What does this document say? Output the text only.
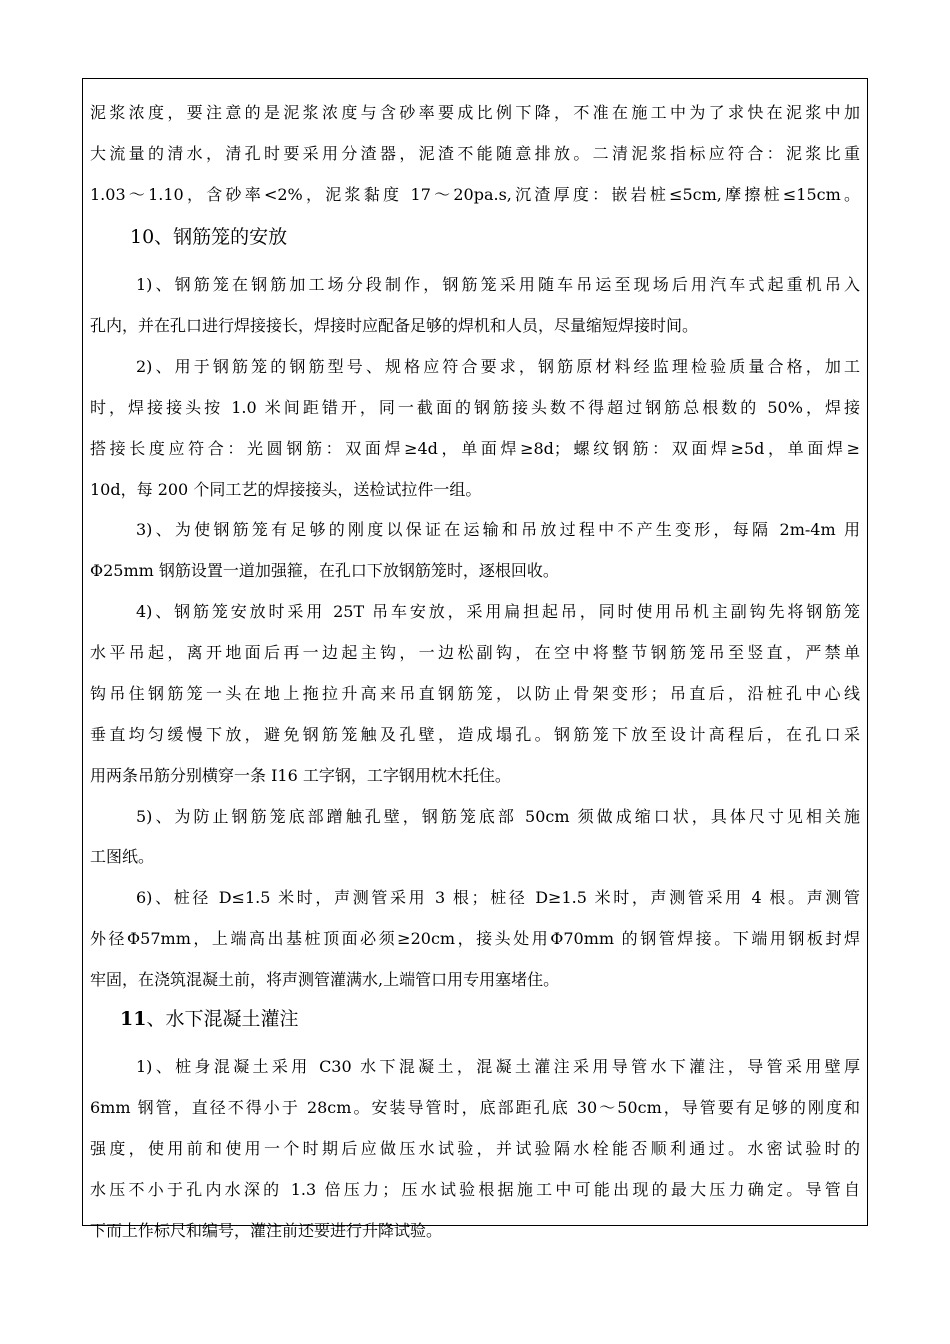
泥浆浓度，要注意的是泥浆浓度与含砂率要成比例下降，不准在施工中为了求快在泥浆中加
大流量的清水，清孔时要采用分渣器，泥渣不能随意排放。二清泥浆指标应符合：泥浆比重
1.03～1.10，含砂率<2%，泥浆黏度 17～20pa.s,沉渣厚度：嵌岩桩≤5cm,摩擦桩≤15cm。
10、钢筋笼的安放
1)、钢筋笼在钢筋加工场分段制作，钢筋笼采用随车吊运至现场后用汽车式起重机吊入
孔内，并在孔口进行焊接接长，焊接时应配备足够的焊机和人员，尽量缩短焊接时间。
2)、用于钢筋笼的钢筋型号、规格应符合要求，钢筋原材料经监理检验质量合格，加工
时，焊接接头按 1.0 米间距错开，同一截面的钢筋接头数不得超过钢筋总根数的 50%，焊接
搭接长度应符合：光圆钢筋：双面焊≥4d，单面焊≥8d；螺纹钢筋：双面焊≥5d，单面焊≥
10d，每 200 个同工艺的焊接接头，送检试拉件一组。
3)、为使钢筋笼有足够的刚度以保证在运输和吊放过程中不产生变形，每隔 2m-4m 用
Φ25mm 钢筋设置一道加强箍，在孔口下放钢筋笼时，逐根回收。
4)、钢筋笼安放时采用 25T 吊车安放，采用扁担起吊，同时使用吊机主副钩先将钢筋笼
水平吊起，离开地面后再一边起主钩，一边松副钩，在空中将整节钢筋笼吊至竖直，严禁单
钩吊住钢筋笼一头在地上拖拉升高来吊直钢筋笼，以防止骨架变形；吊直后，沿桩孔中心线
垂直均匀缓慢下放，避免钢筋笼触及孔壁，造成塌孔。钢筋笼下放至设计高程后，在孔口采
用两条吊筋分别横穿一条 I16 工字钢，工字钢用枕木托住。
5)、为防止钢筋笼底部蹭触孔壁，钢筋笼底部 50cm 须做成缩口状，具体尺寸见相关施
工图纸。
6)、桩径 D≤1.5 米时，声测管采用 3 根；桩径 D≥1.5 米时，声测管采用 4 根。声测管
外径Φ57mm，上端高出基桩顶面必须≥20cm，接头处用Φ70mm 的钢管焊接。下端用钢板封焊
牢固，在浇筑混凝土前，将声测管灌满水,上端管口用专用塞堵住。
11、水下混凝土灌注
1)、桩身混凝土采用 C30 水下混凝土，混凝土灌注采用导管水下灌注，导管采用壁厚
6mm 钢管，直径不得小于 28cm。安装导管时，底部距孔底 30～50cm，导管要有足够的刚度和
强度，使用前和使用一个时期后应做压水试验，并试验隔水栓能否顺利通过。水密试验时的
水压不小于孔内水深的 1.3 倍压力；压水试验根据施工中可能出现的最大压力确定。导管自
下而上作标尺和编号，灌注前还要进行升降试验。
